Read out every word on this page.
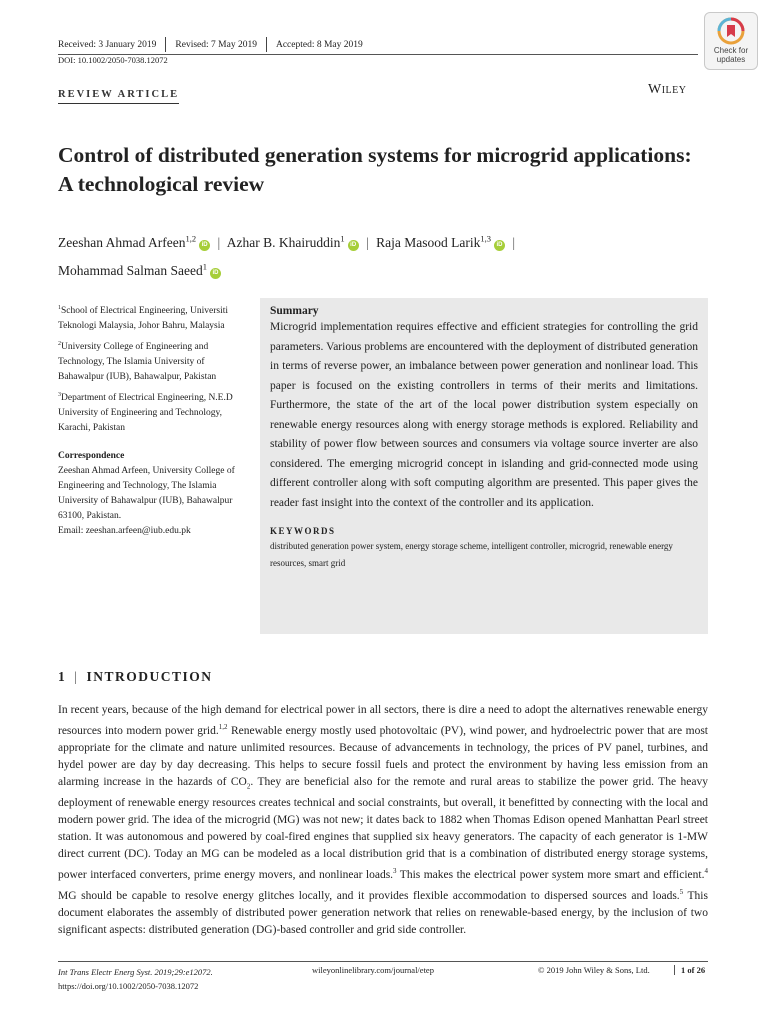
Received: 3 January 2019	Revised: 7 May 2019	Accepted: 8 May 2019
DOI: 10.1002/2050-7038.12072
Check for updates
REVIEW ARTICLE	Wiley
Control of distributed generation systems for microgrid applications: A technological review
Zeeshan Ahmad Arfeen$^{1,2}$iD | Azhar B. Khairuddin$^1$iD | Raja Masood Larik$^{1,3}$iD |
Mohammad Salman Saeed$^1$iD

$^1$School of Electrical Engineering, Universiti Teknologi Malaysia, Johor Bahru, Malaysia

$^2$University College of Engineering and Technology, The Islamia University of Bahawalpur (IUB), Bahawalpur, Pakistan

$^3$Department of Electrical Engineering, N.E.D University of Engineering and Technology, Karachi, Pakistan

Correspondence

Zeeshan Ahmad Arfeen, University College of Engineering and Technology, The Islamia University of Bahawalpur (IUB), Bahawalpur 63100, Pakistan.

Email: zeeshan.arfeen@iub.edu.pk

Summary
Microgrid implementation requires effective and efficient strategies for controlling the grid parameters. Various problems are encountered with the deployment of distributed generation in terms of reverse power, an imbalance between power generation and nonlinear load. This paper is focused on the existing controllers in terms of their merits and limitations. Furthermore, the state of the art of the local power distribution system especially on renewable energy resources along with energy storage methods is explored. Reliability and stability of power flow between sources and consumers via voltage source inverter are also considered. The emerging microgrid concept in islanding and grid-connected mode using different controller along with soft computing algorithm are presented. This paper gives the reader fast insight into the context of the controller and its application.
KEYWORDS
distributed generation power system, energy storage scheme, intelligent controller, microgrid, renewable energy resources, smart grid
1 | INTRODUCTION
In recent years, because of the high demand for electrical power in all sectors, there is dire a need to adopt the alternatives renewable energy resources into modern power grid.$^{1,2}$ Renewable energy mostly used photovoltaic (PV), wind power, and hydroelectric power that are most appropriate for the climate and nature unlimited resources. Because of advancements in technology, the prices of PV panel, turbines, and hydel power are day by day decreasing. This helps to secure fossil fuels and protect the environment by having less emission from an alarming increase in the hazards of $CO_2$. They are beneficial also for the remote and rural areas to stabilize the power grid. The heavy deployment of renewable energy resources creates technical and social constraints, but overall, it benefitted by connecting with the local and modern power grid. The idea of the microgrid (MG) was not new; it dates back to 1882 when Thomas Edison opened Manhattan Pearl street station. It was autonomous and powered by coal-fired engines that supplied six heavy generators. The capacity of each generator is 1-MW direct current (DC). Today an MG can be modeled as a local distribution grid that is a combination of distributed energy storage systems, power interfaced converters, prime energy movers, and nonlinear loads.$^3$ This makes the electrical power system more smart and efficient.$^4$ MG should be capable to resolve energy glitches locally, and it provides flexible accommodation to dispersed sources and loads.$^5$ This document elaborates the assembly of distributed power generation network that relies on renewable-based energy, by the inclusion of two significant aspects: distributed generation (DG)-based controller and grid side controller.
Int Trans Electr Energ Syst. 2019;29:e12072.
https://doi.org/10.1002/2050-7038.12072
wileyonlinelibrary.com/journal/etep	© 2019 John Wiley & Sons, Ltd.	1 of 26
